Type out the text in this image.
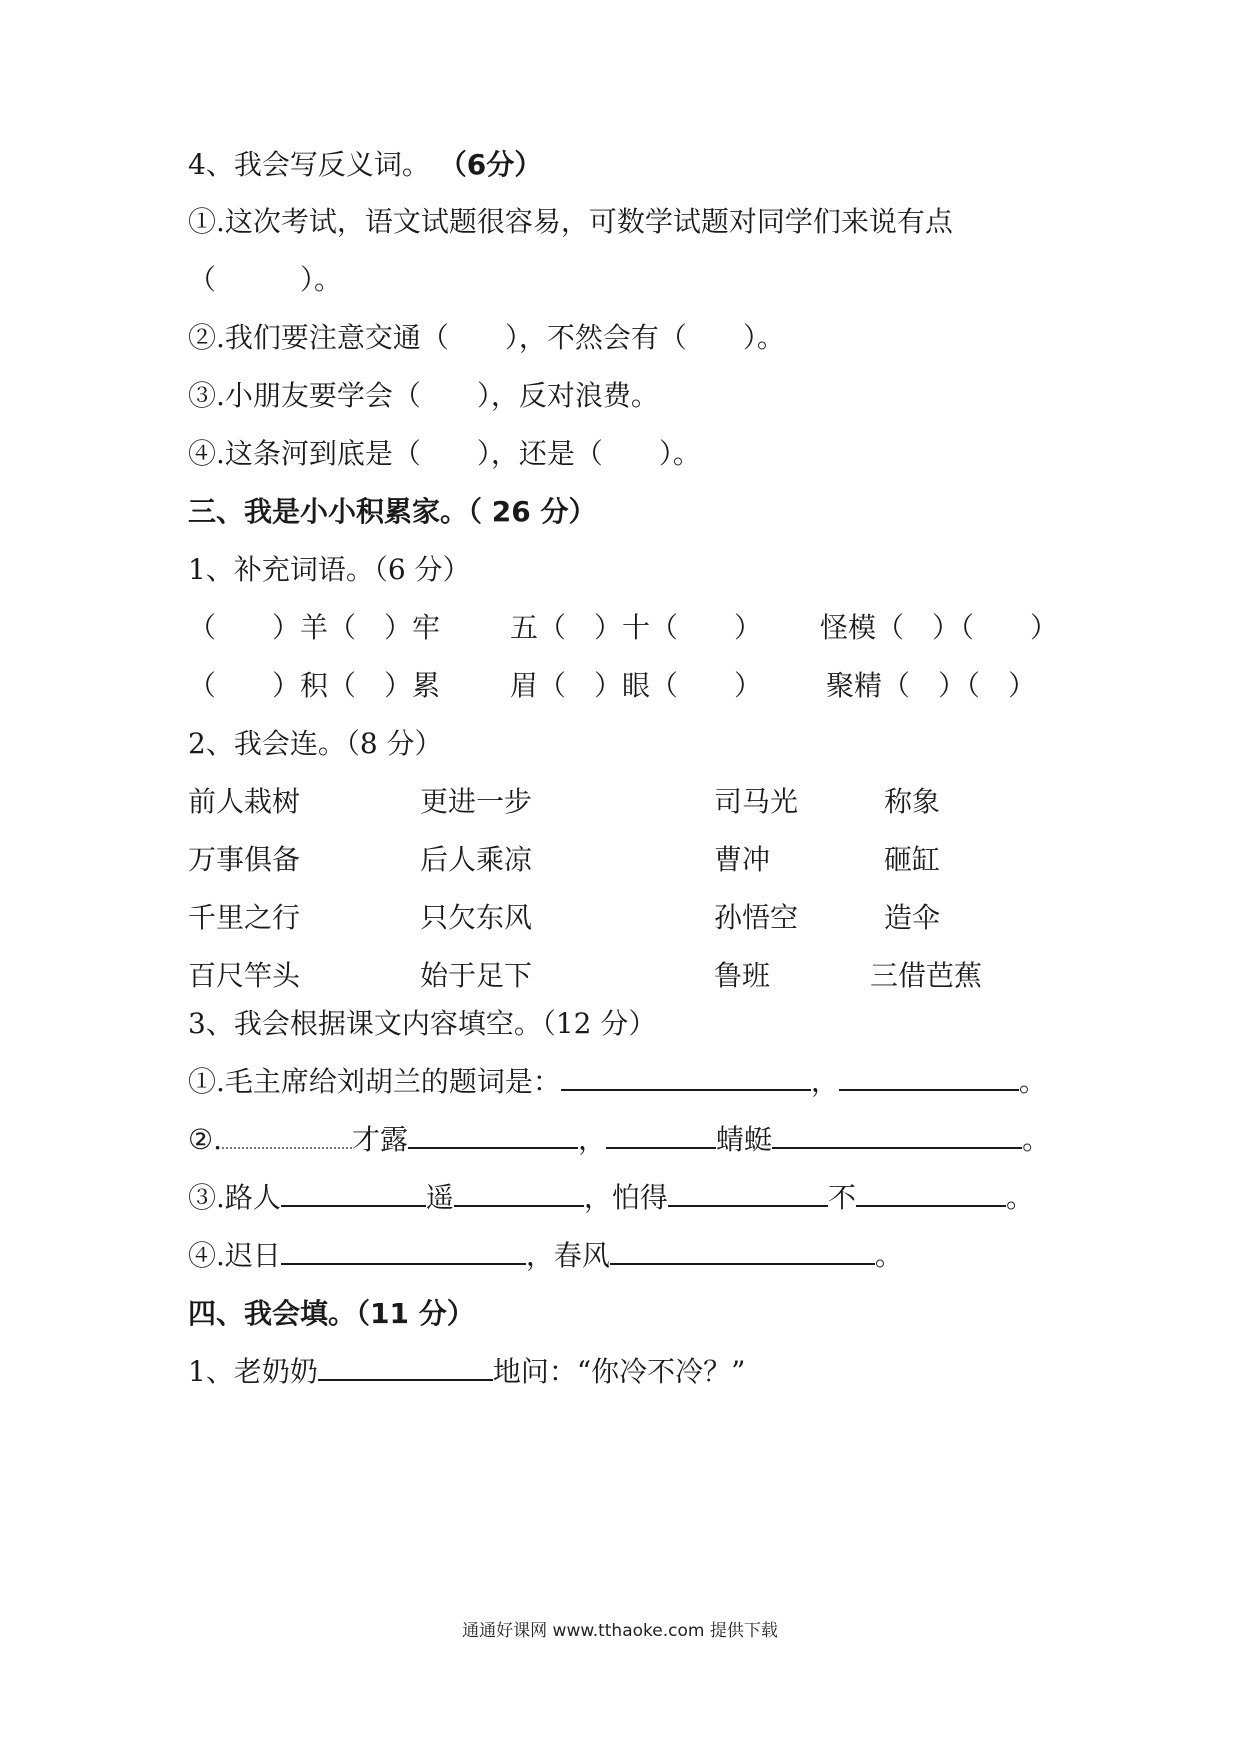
4、我会写反义词。 （6分）
①.这次考试，语文试题很容易，可数学试题对同学们来说有点
（　　　）。
②.我们要注意交通（　　），不然会有（　　）。
③.小朋友要学会（　　），反对浪费。
④.这条河到底是（　　），还是（　　）。
三、我是小小积累家。（ 26 分）
1、补充词语。（6 分）
（　　）羊（　）牢 五（　）十（　　） 怪模（　）（　　）
（　　）积（　）累 眉（　）眼（　　） 聚精（　）（　）
2、我会连。（8 分）
前人栽树	更进一步	司马光	称象
万事俱备	后人乘凉	曹冲	砸缸
千里之行	只欠东风	孙悟空	造伞
百尺竿头	始于足下	鲁班	三借芭蕉
3、我会根据课文内容填空。（12 分）
①.毛主席给刘胡兰的题词是：	，	。
②.	才露	，	蜻蜓	。
③.路人	遥	，怕得	不	。
④.迟日	，春风	。
四、我会填。（11 分）
1、老奶奶	地问：“你冷不冷？”
通通好课网 www.tthaoke.com 提供下载
